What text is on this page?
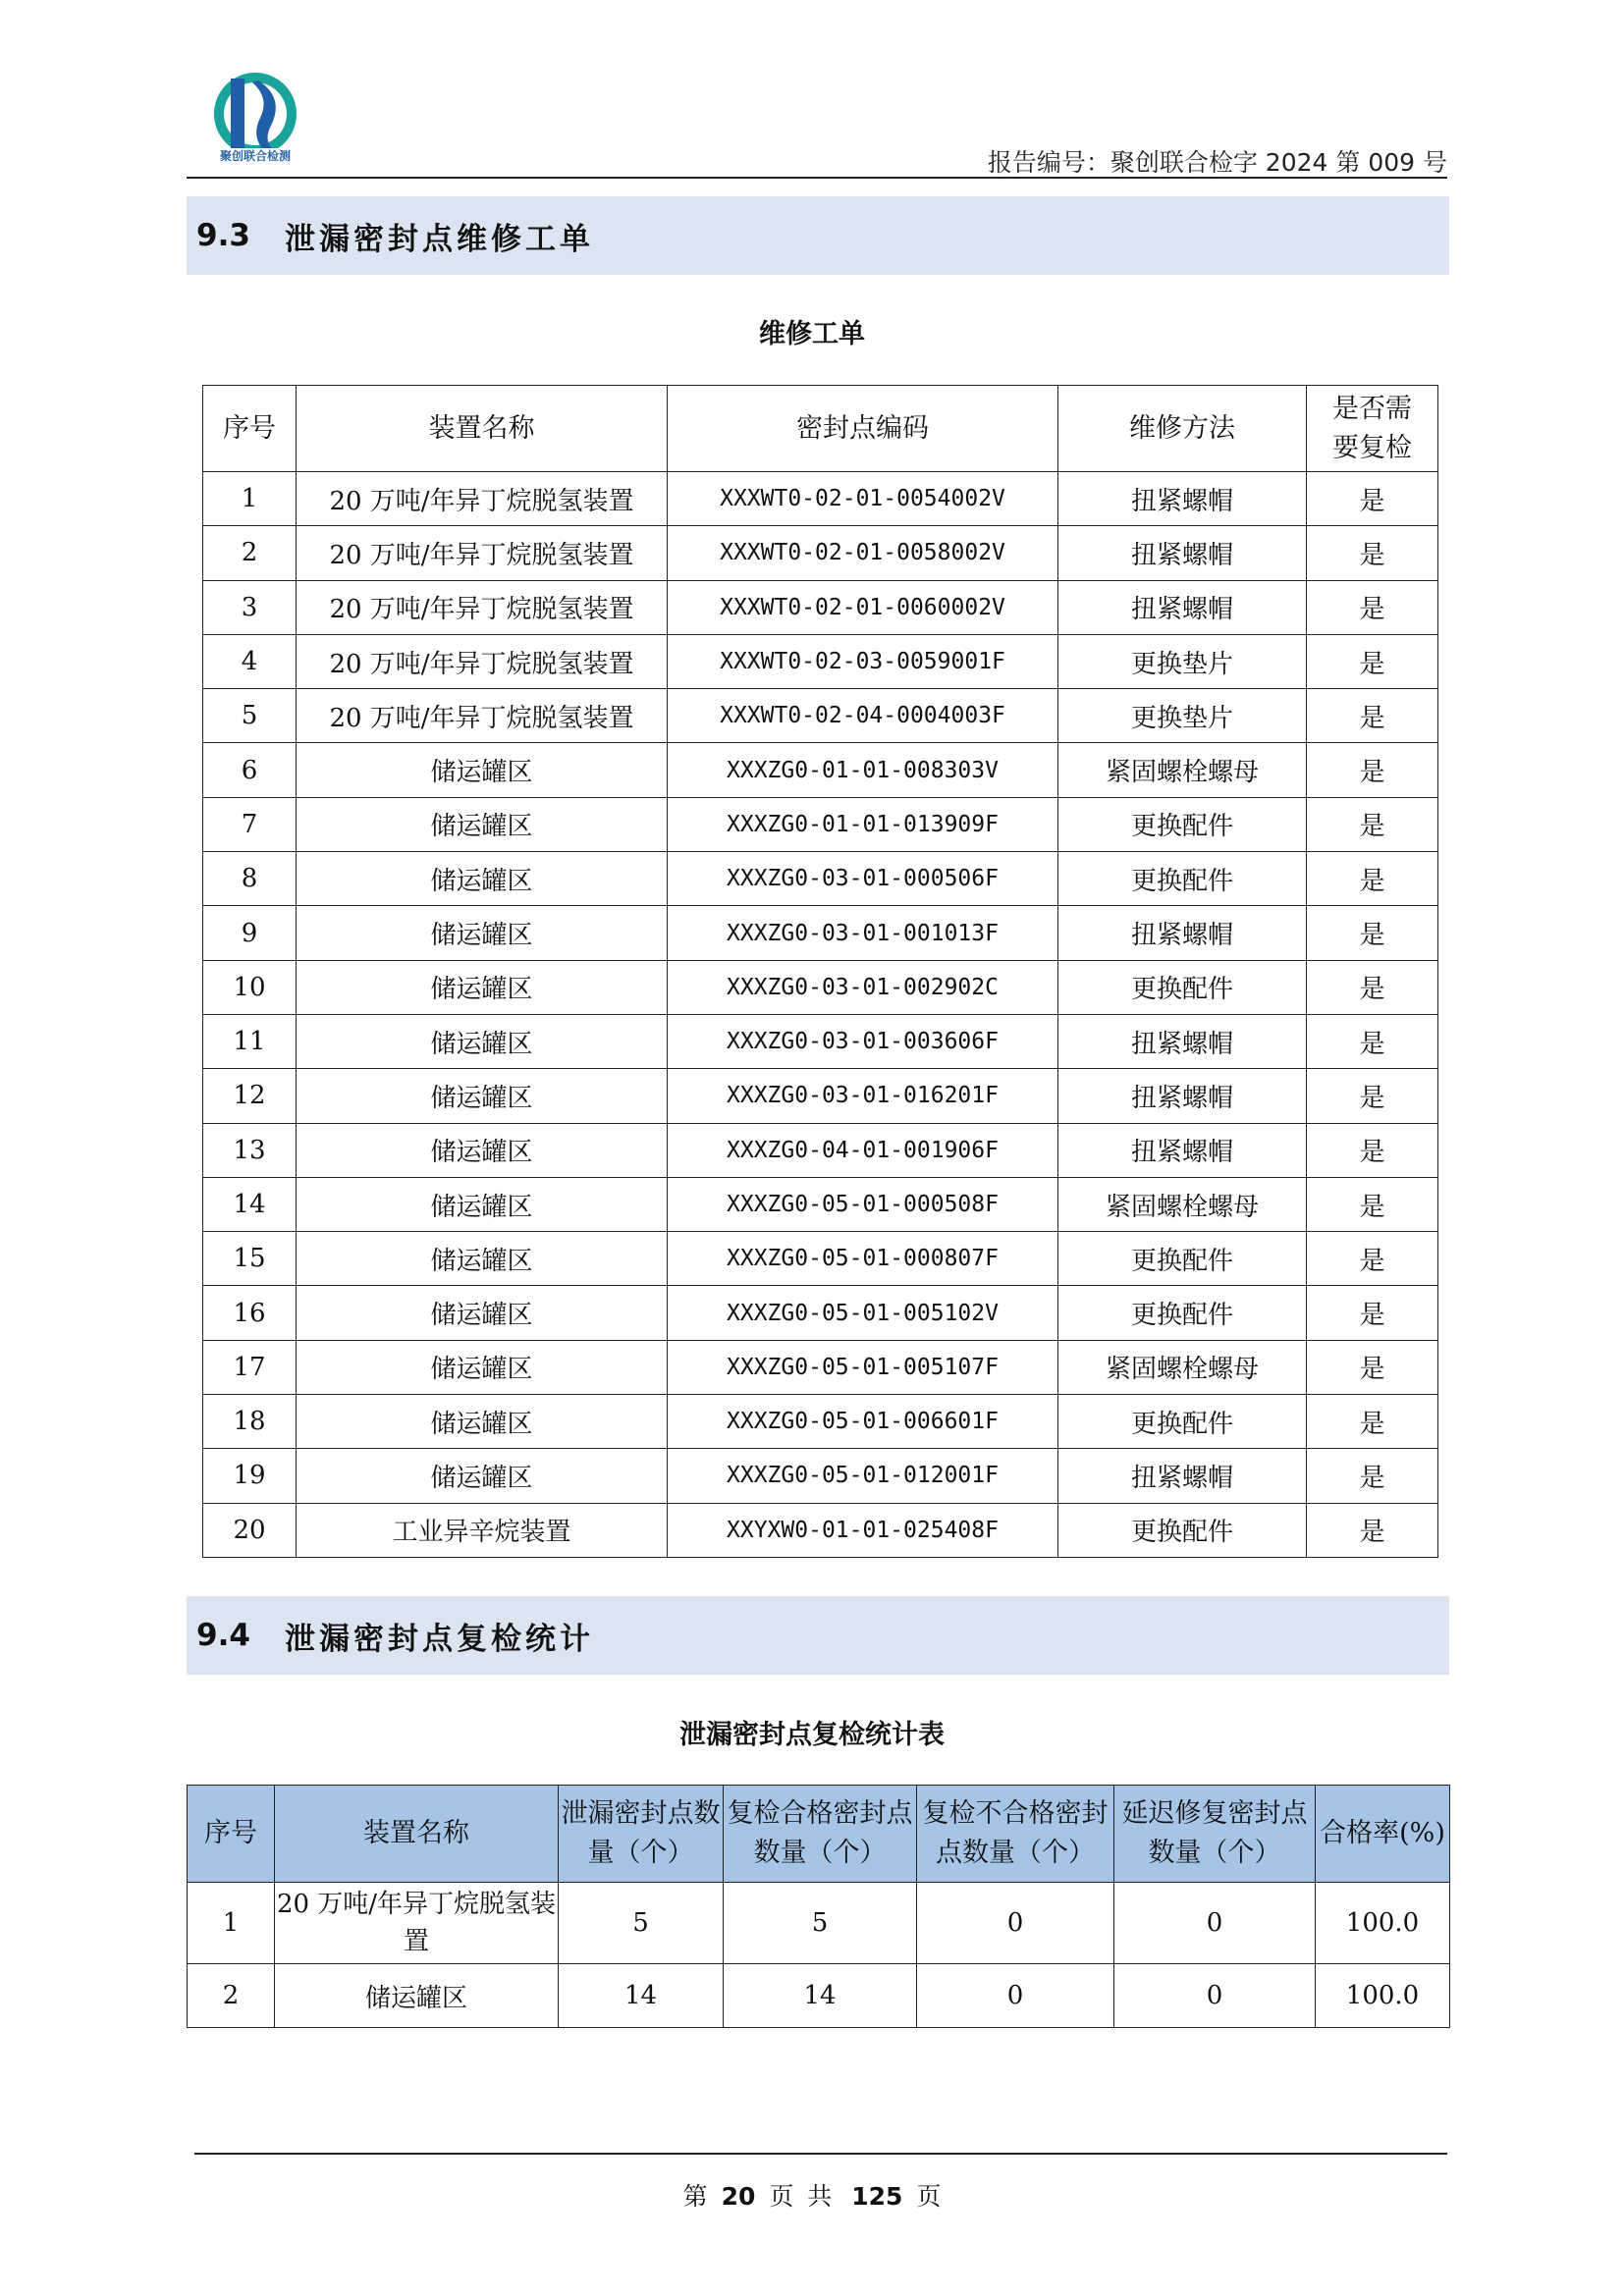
聚创联合检测	报告编号：聚创联合检字 2024 第 009 号
9.3	泄漏密封点维修工单
维修工单
序号	装置名称	密封点编码	维修方法	是否需要复检
1	20 万吨/年异丁烷脱氢装置	XXXWT0-02-01-0054002V	扭紧螺帽	是
2	20 万吨/年异丁烷脱氢装置	XXXWT0-02-01-0058002V	扭紧螺帽	是
3	20 万吨/年异丁烷脱氢装置	XXXWT0-02-01-0060002V	扭紧螺帽	是
4	20 万吨/年异丁烷脱氢装置	XXXWT0-02-03-0059001F	更换垫片	是
5	20 万吨/年异丁烷脱氢装置	XXXWT0-02-04-0004003F	更换垫片	是
6	储运罐区	XXXZG0-01-01-008303V	紧固螺栓螺母	是
7	储运罐区	XXXZG0-01-01-013909F	更换配件	是
8	储运罐区	XXXZG0-03-01-000506F	更换配件	是
9	储运罐区	XXXZG0-03-01-001013F	扭紧螺帽	是
10	储运罐区	XXXZG0-03-01-002902C	更换配件	是
11	储运罐区	XXXZG0-03-01-003606F	扭紧螺帽	是
12	储运罐区	XXXZG0-03-01-016201F	扭紧螺帽	是
13	储运罐区	XXXZG0-04-01-001906F	扭紧螺帽	是
14	储运罐区	XXXZG0-05-01-000508F	紧固螺栓螺母	是
15	储运罐区	XXXZG0-05-01-000807F	更换配件	是
16	储运罐区	XXXZG0-05-01-005102V	更换配件	是
17	储运罐区	XXXZG0-05-01-005107F	紧固螺栓螺母	是
18	储运罐区	XXXZG0-05-01-006601F	更换配件	是
19	储运罐区	XXXZG0-05-01-012001F	扭紧螺帽	是
20	工业异辛烷装置	XXYXW0-01-01-025408F	更换配件	是
9.4	泄漏密封点复检统计
泄漏密封点复检统计表
序号	装置名称	泄漏密封点数量（个）	复检合格密封点数量（个）	复检不合格密封点数量（个）	延迟修复密封点数量（个）	合格率(%)
1	20 万吨/年异丁烷脱氢装置	5	5	0	0	100.0
2	储运罐区	14	14	0	0	100.0
第 20 页 共 125 页
